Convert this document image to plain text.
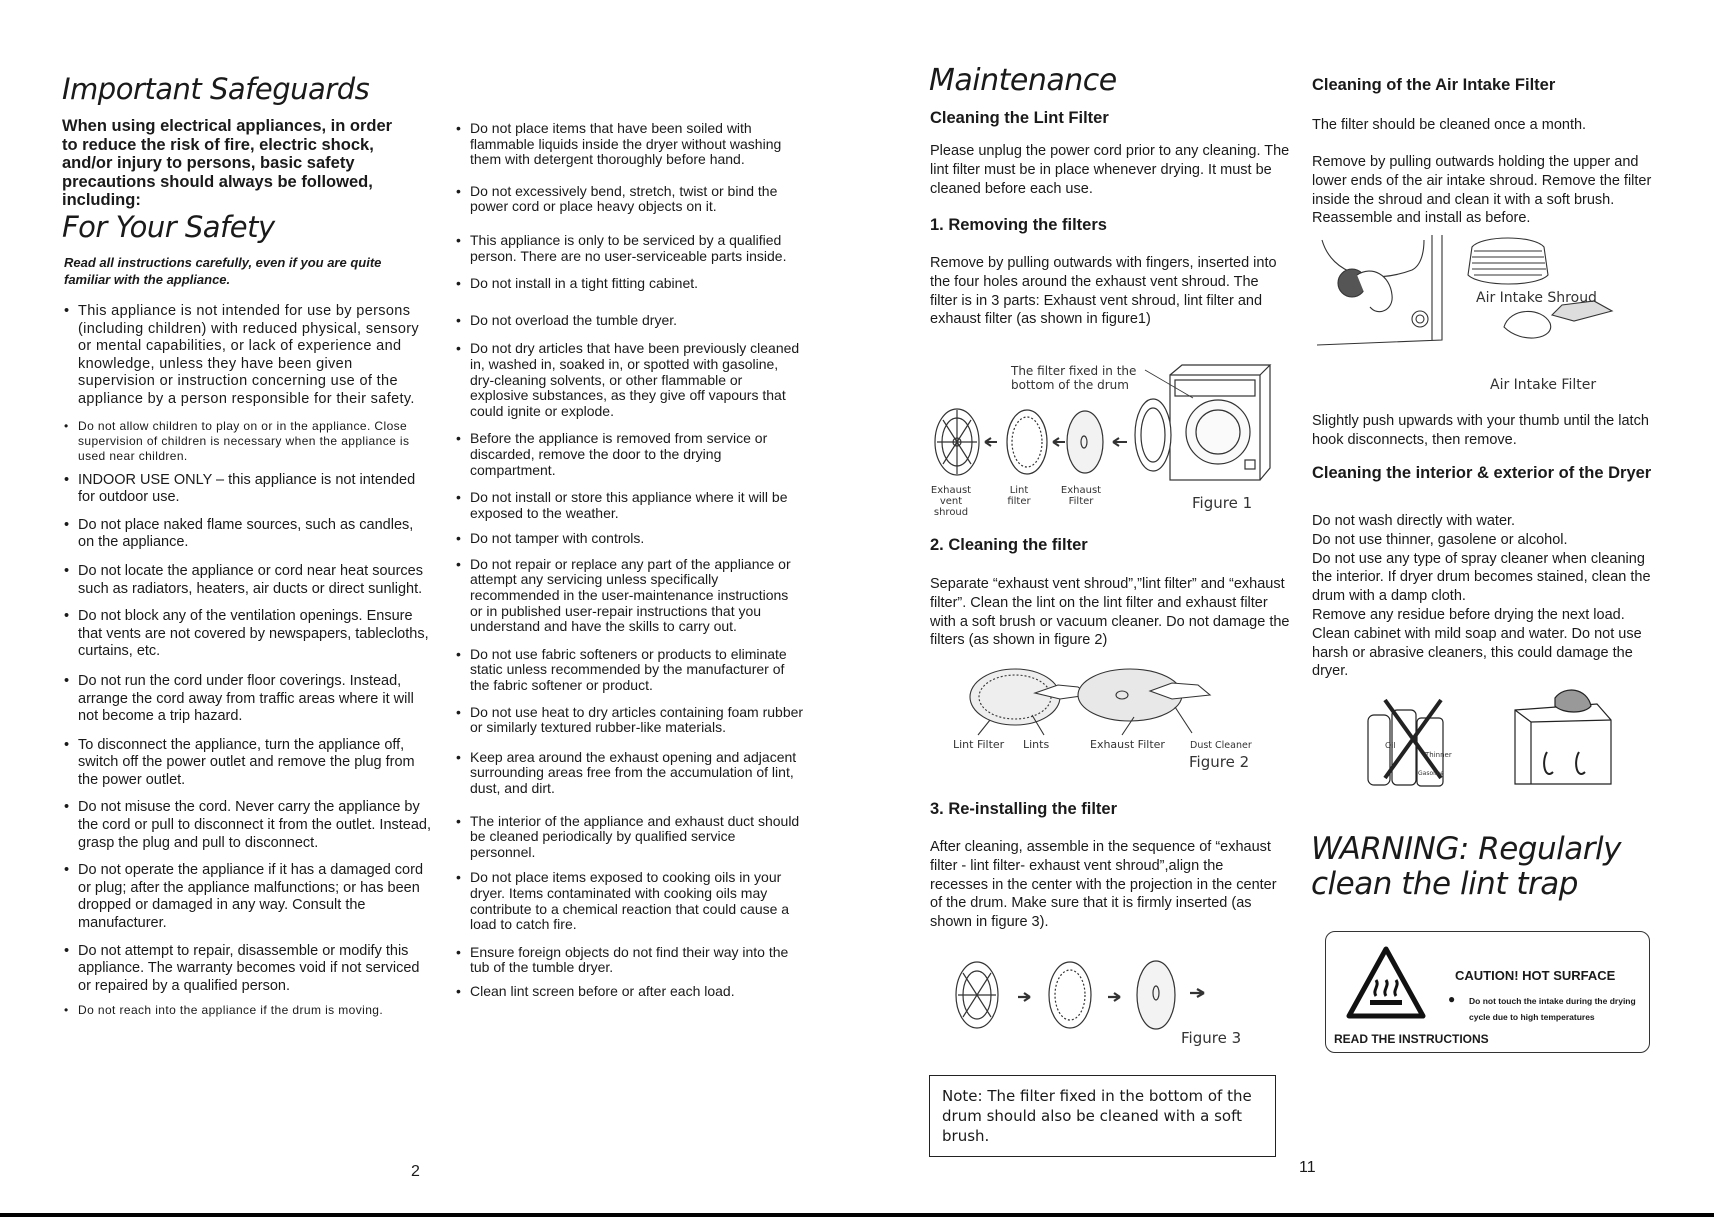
Important Safeguards
When using electrical appliances, in order to reduce the risk of fire, electric shock, and/or injury to persons, basic safety precautions should always be followed, including:
For Your Safety
Read all instructions carefully, even if you are quite familiar with the appliance.
• This appliance is not intended for use by persons (including children) with reduced physical, sensory or mental capabilities, or lack of experience and knowledge, unless they have been given supervision or instruction concerning use of the appliance by a person responsible for their safety.
• Do not allow children to play on or in the appliance. Close supervision of children is necessary when the appliance is used near children.
• INDOOR USE ONLY – this appliance is not intended for outdoor use.
• Do not place naked flame sources, such as candles, on the appliance.
• Do not locate the appliance or cord near heat sources such as radiators, heaters, air ducts or direct sunlight.
• Do not block any of the ventilation openings. Ensure that vents are not covered by newspapers, tablecloths, curtains, etc.
• Do not run the cord under floor coverings. Instead, arrange the cord away from traffic areas where it will not become a trip hazard.
• To disconnect the appliance, turn the appliance off, switch off the power outlet and remove the plug from the power outlet.
• Do not misuse the cord. Never carry the appliance by the cord or pull to disconnect it from the outlet. Instead, grasp the plug and pull to disconnect.
• Do not operate the appliance if it has a damaged cord or plug; after the appliance malfunctions; or has been dropped or damaged in any way. Consult the manufacturer.
• Do not attempt to repair, disassemble or modify this appliance. The warranty becomes void if not serviced or repaired by a qualified person.
• Do not reach into the appliance if the drum is moving.
• Do not place items that have been soiled with flammable liquids inside the dryer without washing them with detergent thoroughly before hand.
• Do not excessively bend, stretch, twist or bind the power cord or place heavy objects on it.
• This appliance is only to be serviced by a qualified person. There are no user-serviceable parts inside.
• Do not install in a tight fitting cabinet.
• Do not overload the tumble dryer.
• Do not dry articles that have been previously cleaned in, washed in, soaked in, or spotted with gasoline, dry-cleaning solvents, or other flammable or explosive substances, as they give off vapours that could ignite or explode.
• Before the appliance is removed from service or discarded, remove the door to the drying compartment.
• Do not install or store this appliance where it will be exposed to the weather.
• Do not tamper with controls.
• Do not repair or replace any part of the appliance or attempt any servicing unless specifically recommended in the user-maintenance instructions or in published user-repair instructions that you understand and have the skills to carry out.
• Do not use fabric softeners or products to eliminate static unless recommended by the manufacturer of the fabric softener or product.
• Do not use heat to dry articles containing foam rubber or similarly textured rubber-like materials.
• Keep area around the exhaust opening and adjacent surrounding areas free from the accumulation of lint, dust, and dirt.
• The interior of the appliance and exhaust duct should be cleaned periodically by qualified service personnel.
• Do not place items exposed to cooking oils in your dryer. Items contaminated with cooking oils may contribute to a chemical reaction that could cause a load to catch fire.
• Ensure foreign objects do not find their way into the tub of the tumble dryer.
• Clean lint screen before or after each load.
2
Maintenance
Cleaning the Lint Filter
Please unplug the power cord prior to any cleaning. The lint filter must be in place whenever drying. It must be cleaned before each use.
1. Removing the filters
Remove by pulling outwards with fingers, inserted into the four holes around the exhaust vent shroud. The filter is in 3 parts: Exhaust vent shroud, lint filter and exhaust filter (as shown in figure1)
The filter fixed in the bottom of the drum
Exhaust vent shroud
Lint filter
Exhaust Filter	Figure 1
2. Cleaning the filter
Separate “exhaust vent shroud”,”lint filter” and “exhaust filter”. Clean the lint on the lint filter and exhaust filter with a soft brush or vacuum cleaner. Do not damage the filters (as shown in figure 2)
Lint Filter Lints	Exhaust Filter	Dust Cleaner
Figure 2
3. Re-installing the filter
After cleaning, assemble in the sequence of “exhaust filter - lint filter- exhaust vent shroud”,align the recesses in the center with the projection in the center of the drum. Make sure that it is firmly inserted (as shown in figure 3).
Figure 3
Note: The filter fixed in the bottom of the drum should also be cleaned with a soft brush.
Cleaning of the Air Intake Filter
The filter should be cleaned once a month.
Remove by pulling outwards holding the upper and lower ends of the air intake shroud. Remove the filter inside the shroud and clean it with a soft brush. Reassemble and install as before.
Air Intake Shroud
Air Intake Filter
Slightly push upwards with your thumb until the latch hook disconnects, then remove.
Cleaning the interior & exterior of the Dryer
Do not wash directly with water.
Do not use thinner, gasolene or alcohol.
Do not use any type of spray cleaner when cleaning the interior. If dryer drum becomes stained, clean the drum with a damp cloth.
Remove any residue before drying the next load.
Clean cabinet with mild soap and water. Do not use harsh or abrasive cleaners, this could damage the dryer.
Oil
Thinner
Gasoline
WARNING: Regularly clean the lint trap
CAUTION! HOT SURFACE
●	Do not touch the intake during the drying cycle due to high temperatures
READ THE INSTRUCTIONS
11
